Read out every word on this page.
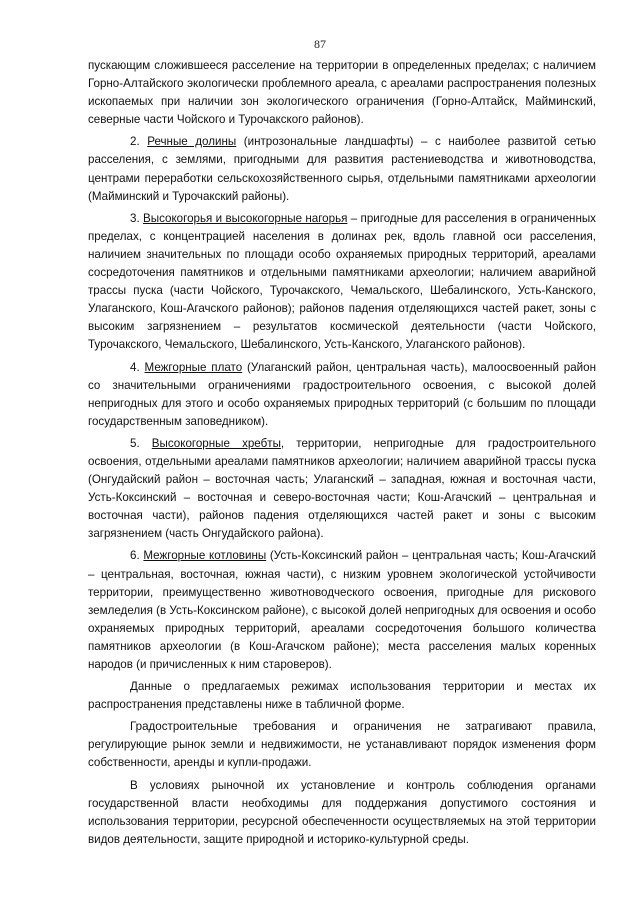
87

пускающим сложившееся расселение на территории в определенных пределах; с наличием Горно-Алтайского экологически проблемного ареала, с ареалами распространения полезных ископаемых при наличии зон экологического ограничения (Горно-Алтайск, Майминский, северные части Чойского и Турочакского районов).

2. Речные долины (интрозональные ландшафты) – с наиболее развитой сетью расселения, с землями, пригодными для развития растениеводства и животноводства, центрами переработки сельскохозяйственного сырья, отдельными памятниками археологии (Майминский и Турочакский районы).

3. Высокогорья и высокогорные нагорья – пригодные для расселения в ограниченных пределах, с концентрацией населения в долинах рек, вдоль главной оси расселения, наличием значительных по площади особо охраняемых природных территорий, ареалами сосредоточения памятников и отдельными памятниками археологии; наличием аварийной трассы пуска (части Чойского, Турочакского, Чемальского, Шебалинского, Усть-Канского, Улаганского, Кош-Агачского районов); районов падения отделяющихся частей ракет, зоны с высоким загрязнением – результатов космической деятельности (части Чойского, Турочакского, Чемальского, Шебалинского, Усть-Канского, Улаганского районов).

4. Межгорные плато (Улаганский район, центральная часть), малоосвоенный район со значительными ограничениями градостроительного освоения, с высокой долей непригодных для этого и особо охраняемых природных территорий (с большим по площади государственным заповедником).

5. Высокогорные хребты, территории, непригодные для градостроительного освоения, отдельными ареалами памятников археологии; наличием аварийной трассы пуска (Онгудайский район – восточная часть; Улаганский – западная, южная и восточная части, Усть-Коксинский – восточная и северо-восточная части; Кош-Агачский – центральная и восточная части), районов падения отделяющихся частей ракет и зоны с высоким загрязнением (часть Онгудайского района).

6. Межгорные котловины (Усть-Коксинский район – центральная часть; Кош-Агачский – центральная, восточная, южная части), с низким уровнем экологической устойчивости территории, преимущественно животноводческого освоения, пригодные для рискового земледелия (в Усть-Коксинском районе), с высокой долей непригодных для освоения и особо охраняемых природных территорий, ареалами сосредоточения большого количества памятников археологии (в Кош-Агачском районе); места расселения малых коренных народов (и причисленных к ним староверов).

Данные о предлагаемых режимах использования территории и местах их распространения представлены ниже в табличной форме.

Градостроительные требования и ограничения не затрагивают правила, регулирующие рынок земли и недвижимости, не устанавливают порядок изменения форм собственности, аренды и купли-продажи.

В условиях рыночной их установление и контроль соблюдения органами государственной власти необходимы для поддержания допустимого состояния и использования территории, ресурсной обеспеченности осуществляемых на этой территории видов деятельности, защите природной и историко-культурной среды.
